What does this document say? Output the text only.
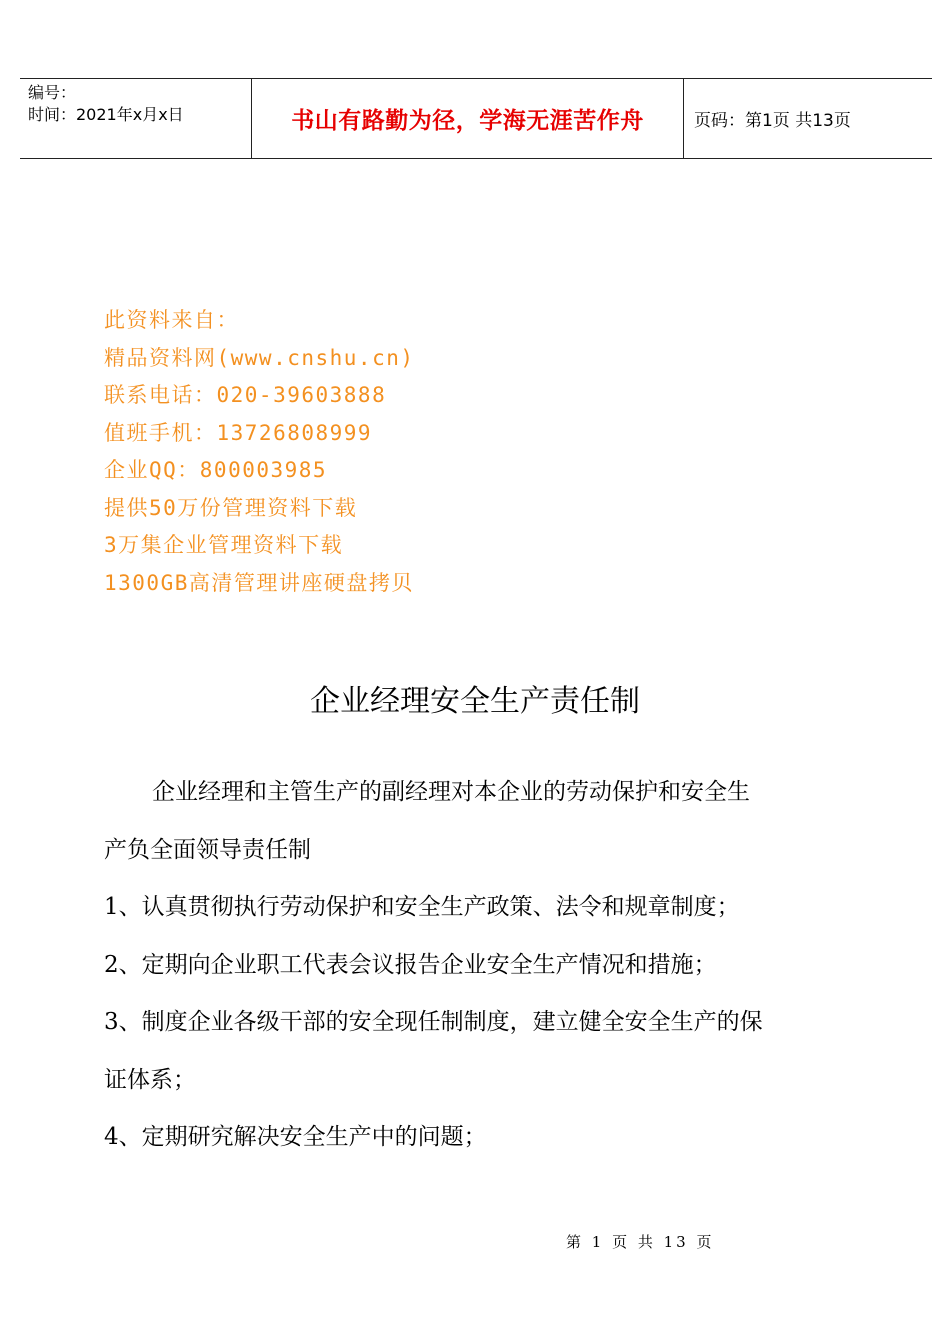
编号：
时间：2021年x月x日	书山有路勤为径，学海无涯苦作舟	页码：第1页 共13页
此资料来自：
精品资料网(www.cnshu.cn)
联系电话：020-39603888
值班手机：13726808999
企业QQ：800003985
提供50万份管理资料下载
3万集企业管理资料下载
1300GB高清管理讲座硬盘拷贝
企业经理安全生产责任制
企业经理和主管生产的副经理对本企业的劳动保护和安全生
产负全面领导责任制
1、认真贯彻执行劳动保护和安全生产政策、法令和规章制度；
2、定期向企业职工代表会议报告企业安全生产情况和措施；
3、制度企业各级干部的安全现任制制度，建立健全安全生产的保
证体系；
4、定期研究解决安全生产中的问题；
第 1 页 共 13 页
